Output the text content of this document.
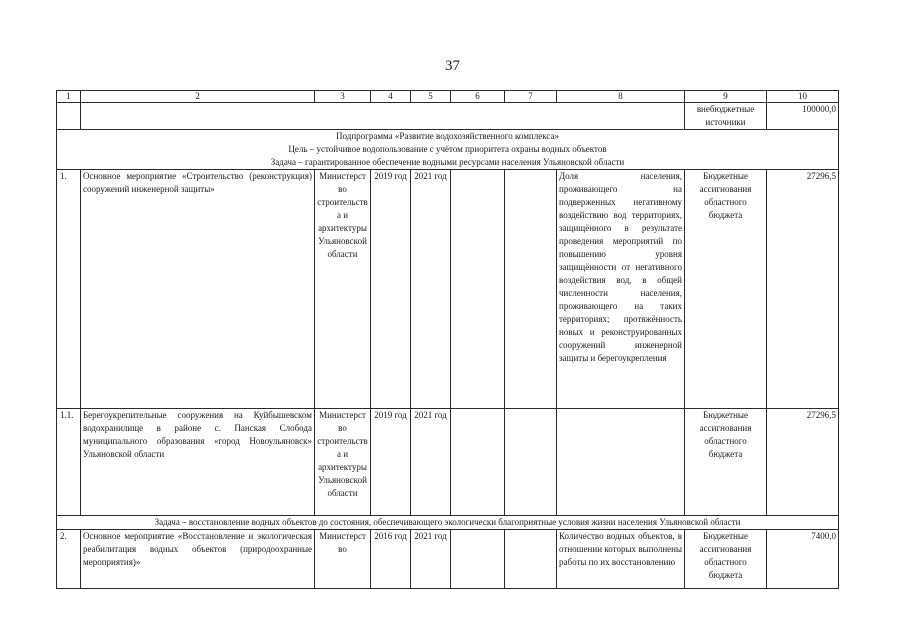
37
1	2	3	4	5	6	7	8	9	10
								внебюджетные источники	100000,0

Подпрограмма «Развитие водохозяйственного комплекса»
Цель – устойчивое водопользование с учётом приоритета охраны водных объектов
Задача – гарантированное обеспечение водными ресурсами населения Ульяновской области									

1.	Основное мероприятие «Строительство (реконструкция) сооружений инженерной защиты»	Министерство строительства и архитектуры Ульяновской области	2019 год	2021 год			Доля населения, проживающего на подверженных негативному воздействию вод территориях, защищённого в результате проведения мероприятий по повышению уровня защищённости от негативного воздействия вод, в общей численности населения, проживающего на таких территориях; протяжённость новых и реконструированных сооружений инженерной защиты и берегоукрепления	Бюджетные ассигнования областного бюджета	27296,5
1.1.	Берегоукрепительные сооружения на Куйбышевском водохранилище в районе с. Панская Слобода муниципального образования «город Новоульяновск» Ульяновской области	Министерство строительства и архитектуры Ульяновской области	2019 год	2021 год				Бюджетные ассигнования областного бюджета	27296,5

Задача – восстановление водных объектов до состояния, обеспечивающего экологически благоприятные условия жизни населения Ульяновской области									

2.	Основное мероприятие «Восстановление и экологическая реабилитация водных объектов (природоохранные мероприятия)»	Министерство	2016 год	2021 год			Количество водных объектов, в отношении которых выполнены работы по их восстановлению	Бюджетные ассигнования областного бюджета	7400,0
